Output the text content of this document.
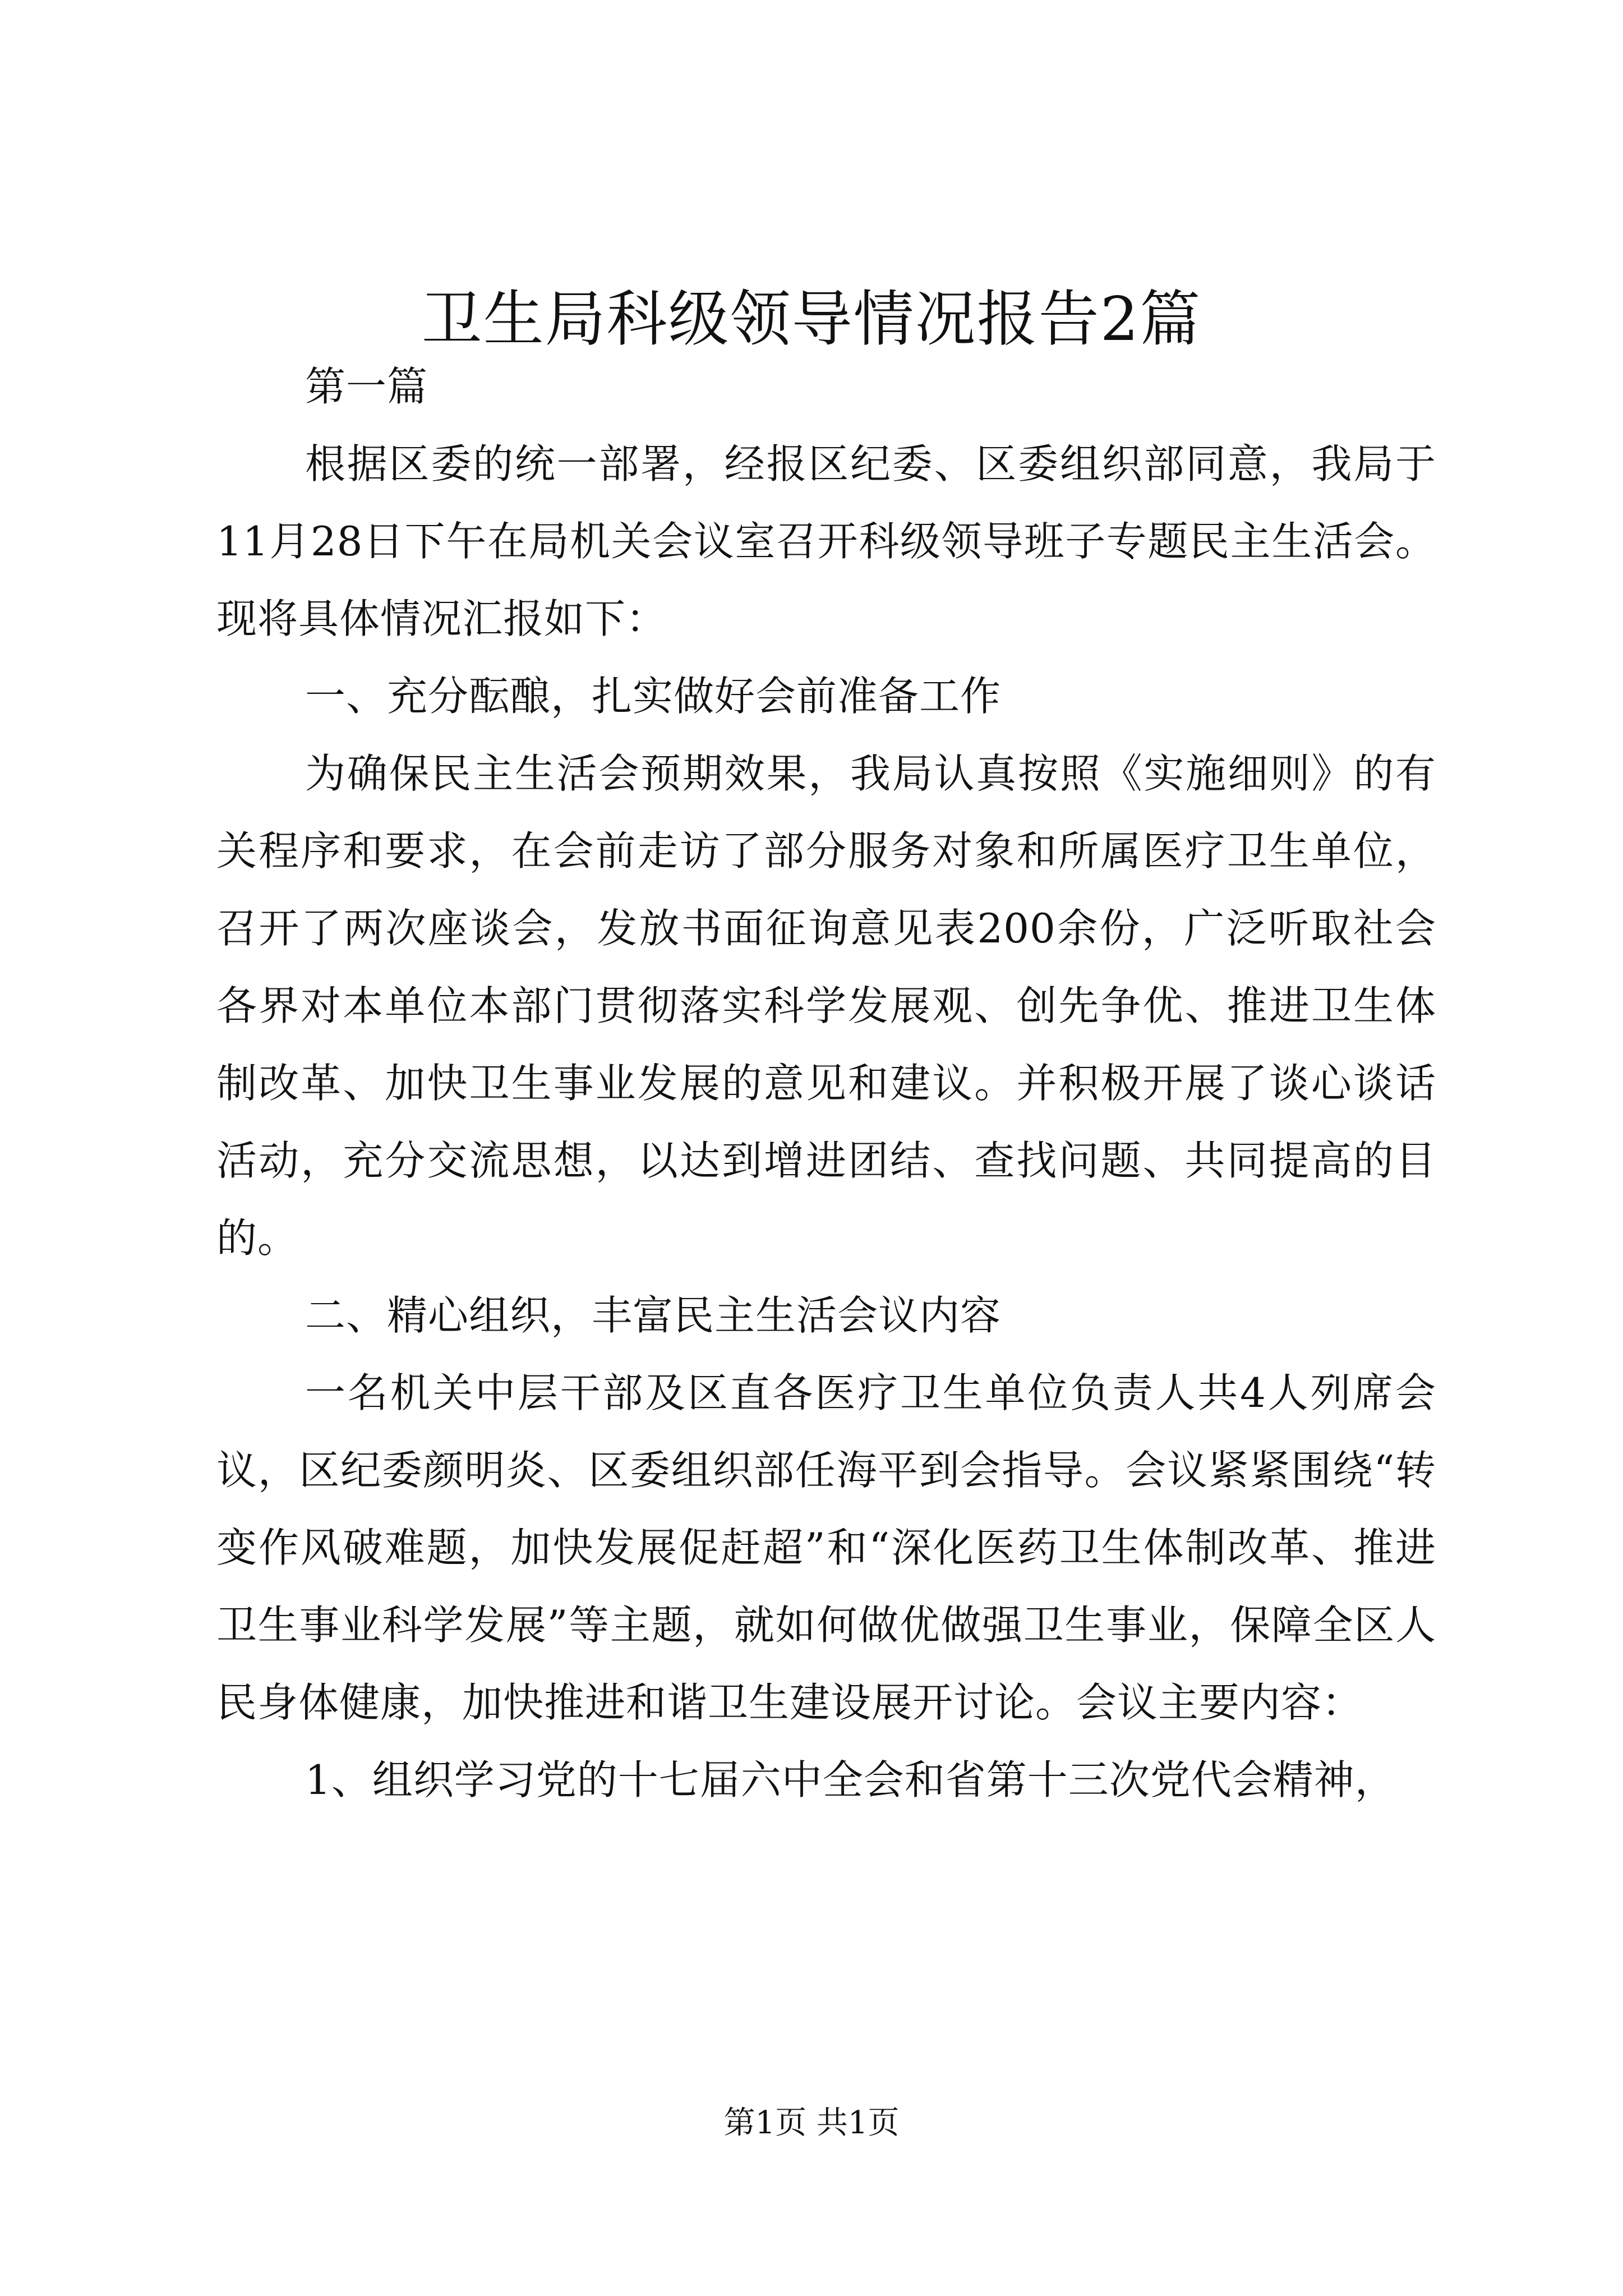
卫生局科级领导情况报告2篇

第一篇

根据区委的统一部署，经报区纪委、区委组织部同意，我局于11月28日下午在局机关会议室召开科级领导班子专题民主生活会。现将具体情况汇报如下：

一、充分酝酿，扎实做好会前准备工作

为确保民主生活会预期效果，我局认真按照《实施细则》的有关程序和要求，在会前走访了部分服务对象和所属医疗卫生单位，召开了两次座谈会，发放书面征询意见表200余份，广泛听取社会各界对本单位本部门贯彻落实科学发展观、创先争优、推进卫生体制改革、加快卫生事业发展的意见和建议。并积极开展了谈心谈话活动，充分交流思想，以达到增进团结、查找问题、共同提高的目的。

二、精心组织，丰富民主生活会议内容

一名机关中层干部及区直各医疗卫生单位负责人共4人列席会议，区纪委颜明炎、区委组织部任海平到会指导。会议紧紧围绕“转变作风破难题，加快发展促赶超”和“深化医药卫生体制改革、推进卫生事业科学发展”等主题，就如何做优做强卫生事业，保障全区人民身体健康，加快推进和谐卫生建设展开讨论。会议主要内容：

1、组织学习党的十七届六中全会和省第十三次党代会精神，

第1页 共1页
